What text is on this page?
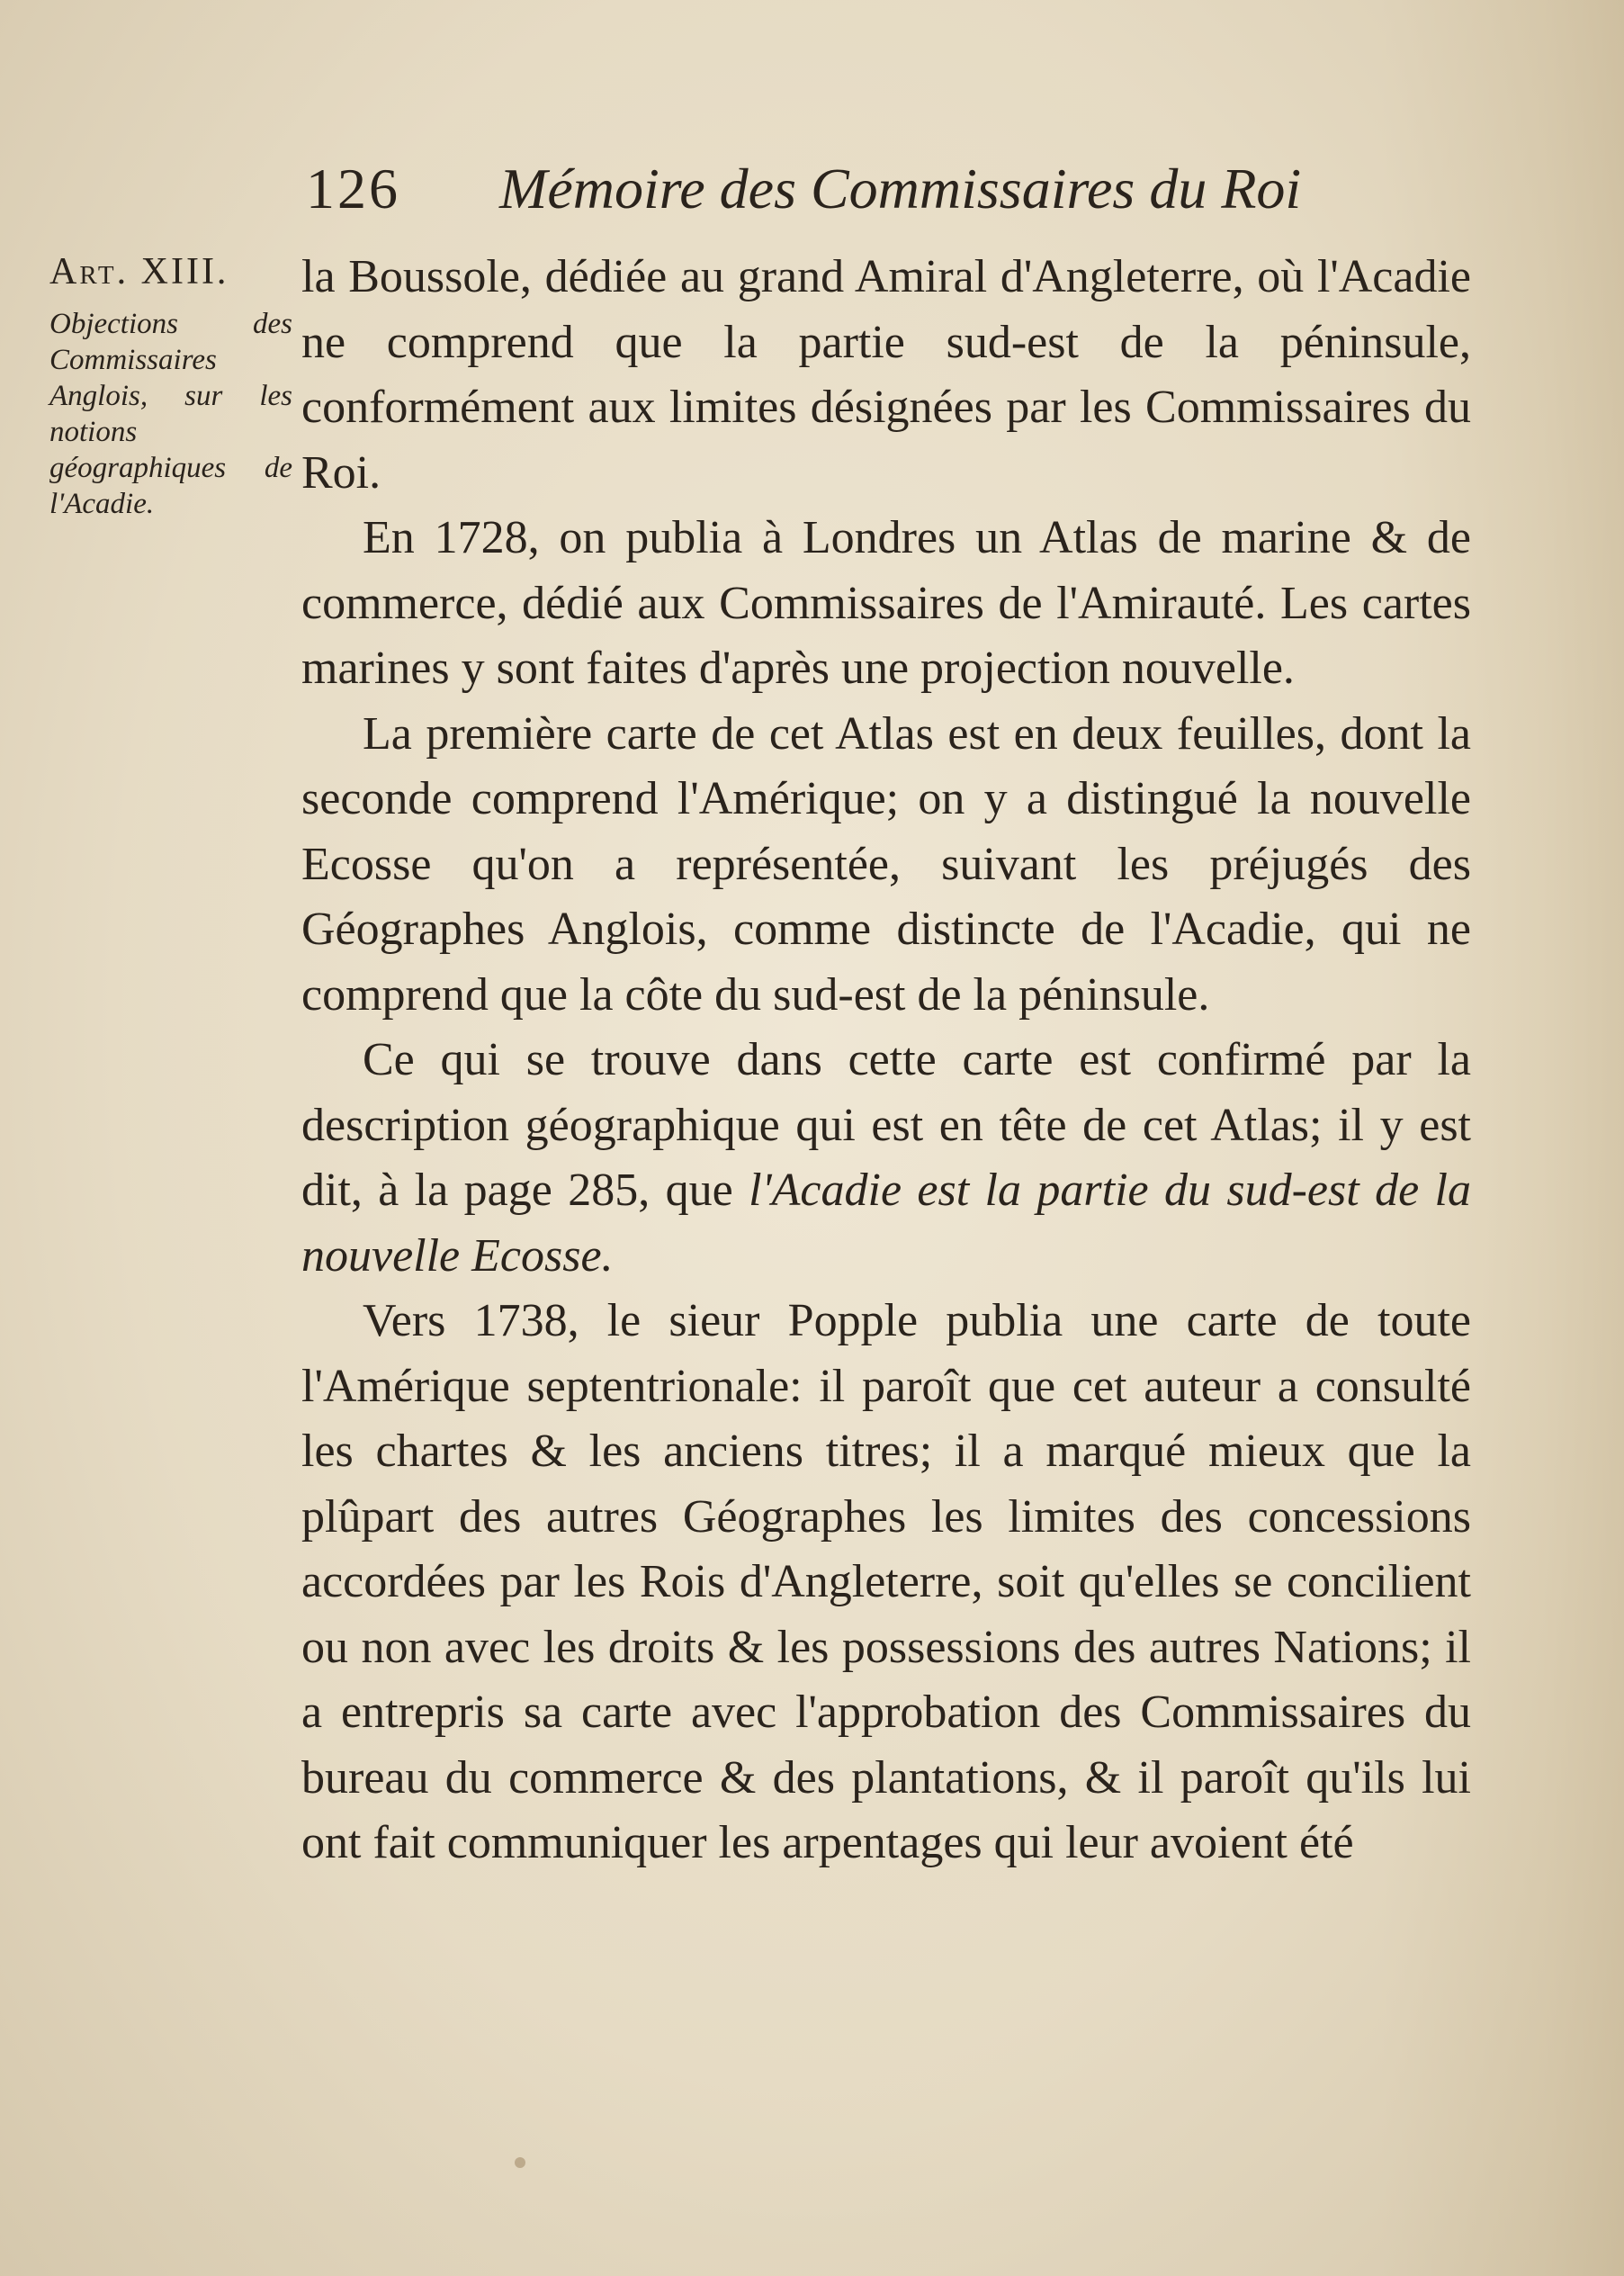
126 Mémoire des Commissaires du Roi

Art. XIII.

Objections des Commissaires Anglois, sur les notions géographiques de l'Acadie.

la Boussole, dédiée au grand Amiral d'Angleterre, où l'Acadie ne comprend que la partie sud-est de la péninsule, conformément aux limites désignées par les Commissaires du Roi.

En 1728, on publia à Londres un Atlas de marine & de commerce, dédié aux Commissaires de l'Amirauté. Les cartes marines y sont faites d'après une projection nouvelle.

La première carte de cet Atlas est en deux feuilles, dont la seconde comprend l'Amérique; on y a distingué la nouvelle Ecosse qu'on a représentée, suivant les préjugés des Géographes Anglois, comme distincte de l'Acadie, qui ne comprend que la côte du sud-est de la péninsule.

Ce qui se trouve dans cette carte est confirmé par la description géographique qui est en tête de cet Atlas; il y est dit, à la page 285, que l'Acadie est la partie du sud-est de la nouvelle Ecosse.

Vers 1738, le sieur Popple publia une carte de toute l'Amérique septentrionale: il paroît que cet auteur a consulté les chartes & les anciens titres; il a marqué mieux que la plûpart des autres Géographes les limites des concessions accordées par les Rois d'Angleterre, soit qu'elles se concilient ou non avec les droits & les possessions des autres Nations; il a entrepris sa carte avec l'approbation des Commissaires du bureau du commerce & des plantations, & il paroît qu'ils lui ont fait communiquer les arpentages qui leur avoient été
